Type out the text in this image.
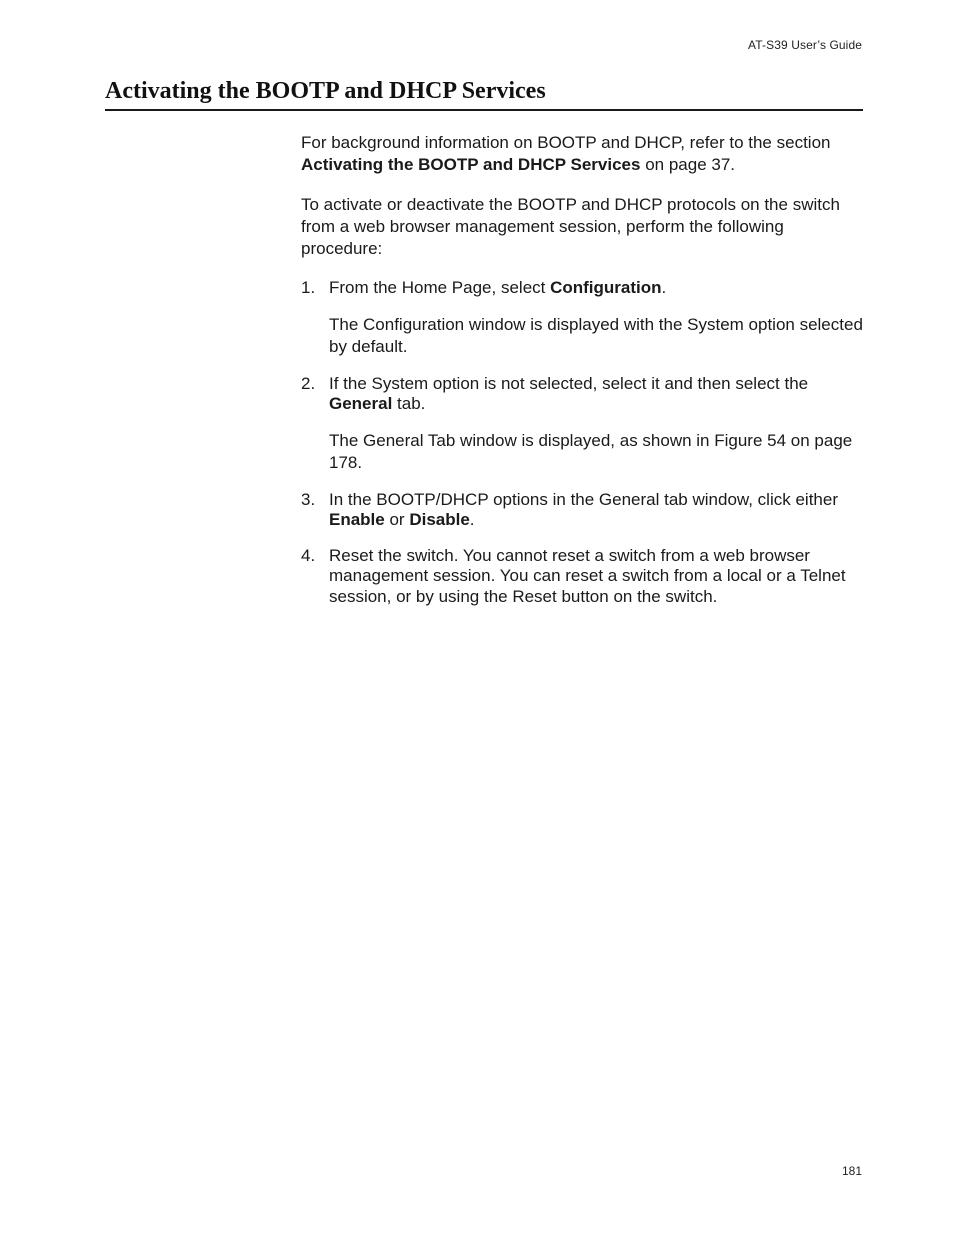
AT-S39 User’s Guide
Activating the BOOTP and DHCP Services

For background information on BOOTP and DHCP, refer to the section Activating the BOOTP and DHCP Services on page 37.

To activate or deactivate the BOOTP and DHCP protocols on the switch from a web browser management session, perform the following procedure:

1. From the Home Page, select Configuration.

The Configuration window is displayed with the System option selected by default.

2. If the System option is not selected, select it and then select the General tab.

The General Tab window is displayed, as shown in Figure 54 on page 178.

3. In the BOOTP/DHCP options in the General tab window, click either Enable or Disable.
4. Reset the switch. You cannot reset a switch from a web browser management session. You can reset a switch from a local or a Telnet session, or by using the Reset button on the switch.
181
